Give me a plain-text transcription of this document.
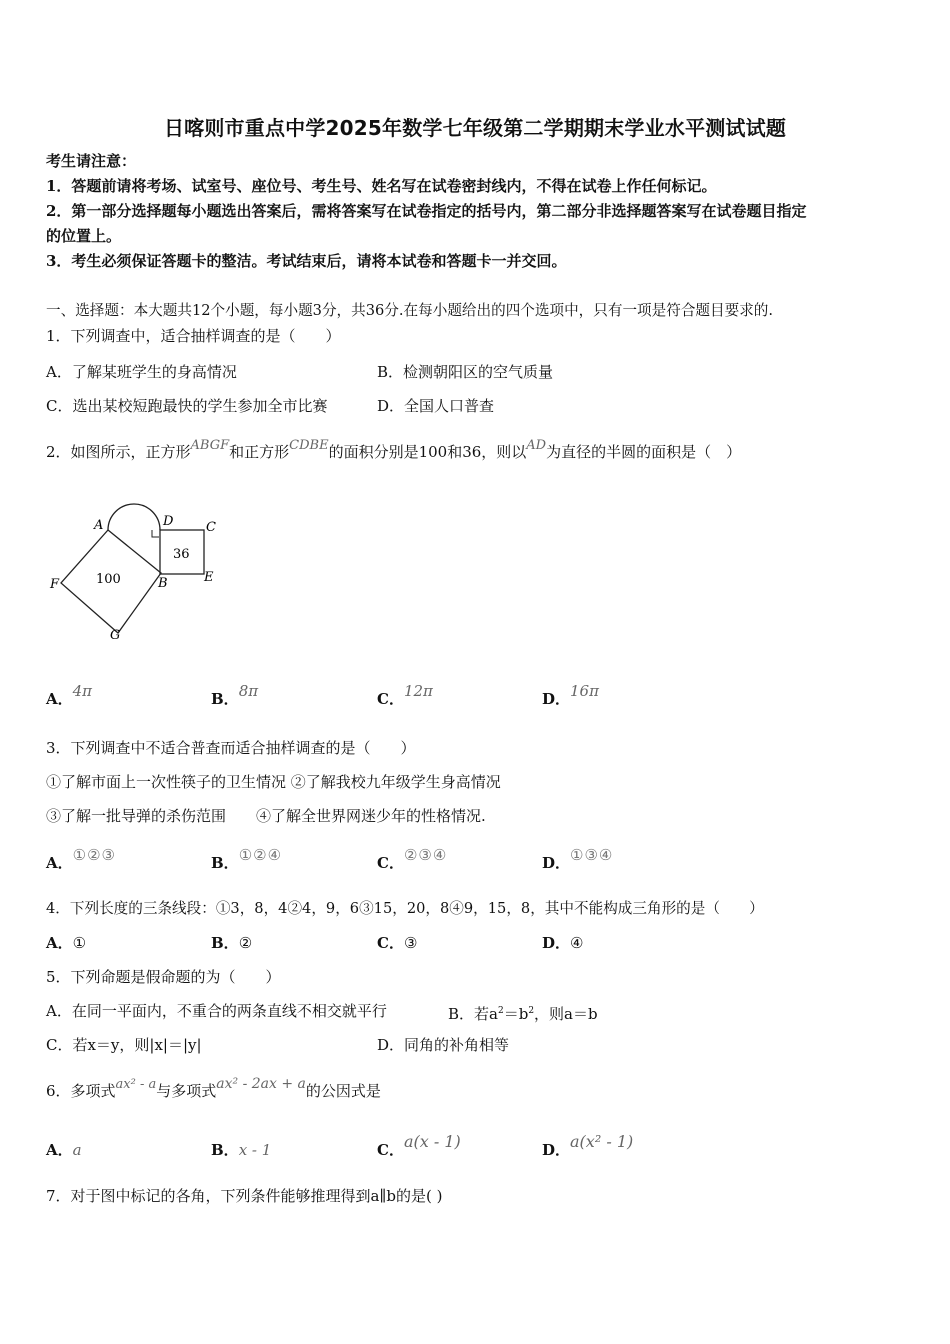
日喀则市重点中学2025年数学七年级第二学期期末学业水平测试试题
考生请注意：
1．答题前请将考场、试室号、座位号、考生号、姓名写在试卷密封线内，不得在试卷上作任何标记。
2．第一部分选择题每小题选出答案后，需将答案写在试卷指定的括号内，第二部分非选择题答案写在试卷题目指定
的位置上。
3．考生必须保证答题卡的整洁。考试结束后，请将本试卷和答题卡一并交回。
一、选择题：本大题共12个小题，每小题3分，共36分.在每小题给出的四个选项中，只有一项是符合题目要求的.
1．下列调查中，适合抽样调查的是（　　）
A．了解某班学生的身高情况	B．检测朝阳区的空气质量
C．选出某校短跑最快的学生参加全市比赛	D．全国人口普查
2．如图所示，正方形ABGF和正方形CDBE的面积分别是100和36，则以AD为直径的半圆的面积是（　）
A	D	C
F	B	E
G
100
36
A．4π	B．8π	C．12π	D．16π
3．下列调查中不适合普查而适合抽样调查的是（　　）
①了解市面上一次性筷子的卫生情况 ②了解我校九年级学生身高情况
③了解一批导弹的杀伤范围　　④了解全世界网迷少年的性格情况.
A．①②③	B．①②④	C．②③④	D．①③④
4．下列长度的三条线段：①3，8，4②4，9，6③15，20，8④9，15，8，其中不能构成三角形的是（　　）
A．①	B．②	C．③	D．④
5．下列命题是假命题的为（　　）
A．在同一平面内，不重合的两条直线不相交就平行	B．若$a^2=b^2$，则a＝b
C．若x＝y，则|x|＝|y|	D．同角的补角相等
6．多项式ax² - a与多项式ax² - 2ax + a的公因式是
A．a	B．x - 1	C．a(x - 1)	D．a(x² - 1)
7．对于图中标记的各角，下列条件能够推理得到a∥b的是( )
